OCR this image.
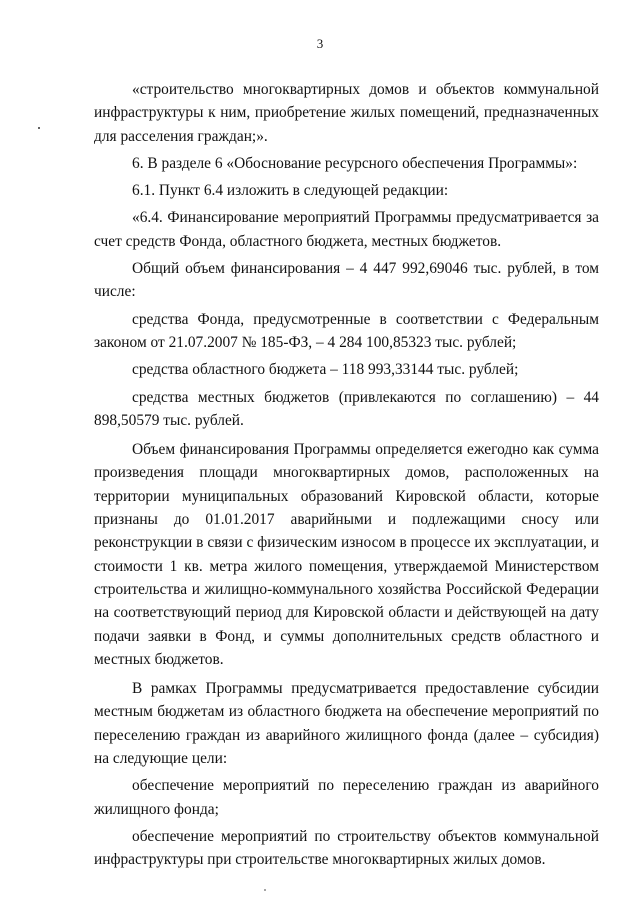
3

«строительство многоквартирных домов и объектов коммунальной инфраструктуры к ним, приобретение жилых помещений, предназначенных для расселения граждан;».

6. В разделе 6 «Обоснование ресурсного обеспечения Программы»:

6.1. Пункт 6.4 изложить в следующей редакции:

«6.4. Финансирование мероприятий Программы предусматривается за счет средств Фонда, областного бюджета, местных бюджетов.

Общий объем финансирования – 4 447 992,69046 тыс. рублей, в том числе:

средства Фонда, предусмотренные в соответствии с Федеральным законом от 21.07.2007 № 185-ФЗ, – 4 284 100,85323 тыс. рублей;

средства областного бюджета – 118 993,33144 тыс. рублей;

средства местных бюджетов (привлекаются по соглашению) – 44 898,50579 тыс. рублей.

Объем финансирования Программы определяется ежегодно как сумма произведения площади многоквартирных домов, расположенных на территории муниципальных образований Кировской области, которые признаны до 01.01.2017 аварийными и подлежащими сносу или реконструкции в связи с физическим износом в процессе их эксплуатации, и стоимости 1 кв. метра жилого помещения, утверждаемой Министерством строительства и жилищно-коммунального хозяйства Российской Федерации на соответствующий период для Кировской области и действующей на дату подачи заявки в Фонд, и суммы дополнительных средств областного и местных бюджетов.

В рамках Программы предусматривается предоставление субсидии местным бюджетам из областного бюджета на обеспечение мероприятий по переселению граждан из аварийного жилищного фонда (далее – субсидия) на следующие цели:

обеспечение мероприятий по переселению граждан из аварийного жилищного фонда;

обеспечение мероприятий по строительству объектов коммунальной инфраструктуры при строительстве многоквартирных жилых домов.
